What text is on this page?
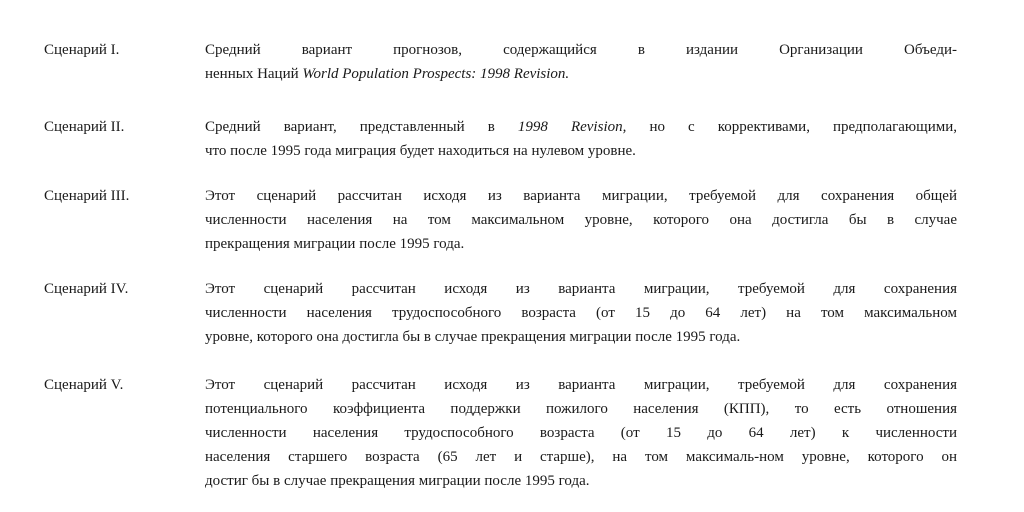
Сценарий I.	Средний вариант прогнозов, содержащийся в издании Организации Объеди-
ненных Наций World Population Prospects: 1998 Revision.
Сценарий II.	Средний вариант, представленный в 1998 Revision, но с коррективами, предполагающими,
что после 1995 года миграция будет находиться на нулевом уровне.
Сценарий III.	Этот сценарий рассчитан исходя из варианта миграции, требуемой для сохранения общей
численности населения на том максимальном уровне, которого она достигла бы в случае
прекращения миграции после 1995 года.
Сценарий IV.	Этот сценарий рассчитан исходя из варианта миграции, требуемой для сохранения
численности населения трудоспособного возраста (от 15 до 64 лет) на том максимальном
уровне, которого она достигла бы в случае прекращения миграции после 1995 года.
Сценарий V.	Этот сценарий рассчитан исходя из варианта миграции, требуемой для сохранения
потенциального коэффициента поддержки пожилого населения (КПП), то есть отношения
численности населения трудоспособного возраста (от 15 до 64 лет) к численности
населения старшего возраста (65 лет и старше), на том максималь-ном уровне, которого он
достиг бы в случае прекращения миграции после 1995 года.
